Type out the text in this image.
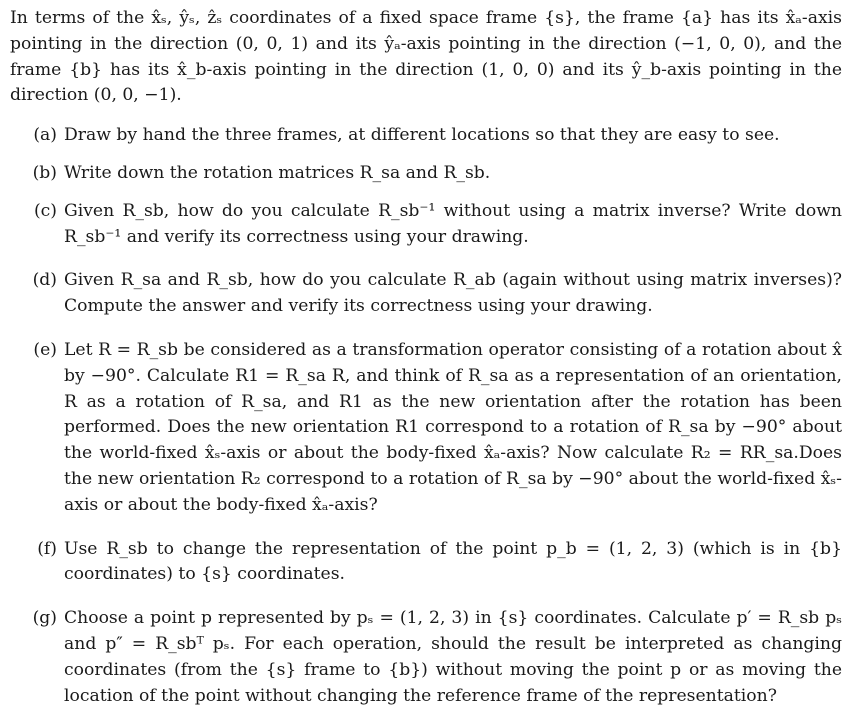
In terms of the x̂ₛ, ŷₛ, ẑₛ coordinates of a fixed space frame {s}, the frame {a} has its x̂ₐ-axis pointing in the direction (0, 0, 1) and its ŷₐ-axis pointing in the direction (−1, 0, 0), and the frame {b} has its x̂_b-axis pointing in the direction (1, 0, 0) and its ŷ_b-axis pointing in the direction (0, 0, −1).

(a) Draw by hand the three frames, at different locations so that they are easy to see.
(b) Write down the rotation matrices R_sa and R_sb.
(c) Given R_sb, how do you calculate R_sb⁻¹ without using a matrix inverse? Write down R_sb⁻¹ and verify its correctness using your drawing.
(d) Given R_sa and R_sb, how do you calculate R_ab (again without using matrix inverses)? Compute the answer and verify its correctness using your drawing.
(e) Let R = R_sb be considered as a transformation operator consisting of a rotation about x̂ by −90°. Calculate R1 = R_sa R, and think of R_sa as a representation of an orientation, R as a rotation of R_sa, and R1 as the new orientation after the rotation has been performed. Does the new orientation R1 correspond to a rotation of R_sa by −90° about the world-fixed x̂ₛ-axis or about the body-fixed x̂ₐ-axis? Now calculate R₂ = RR_sa.Does the new orientation R₂ correspond to a rotation of R_sa by −90° about the world-fixed x̂ₛ-axis or about the body-fixed x̂ₐ-axis?
(f) Use R_sb to change the representation of the point p_b = (1, 2, 3) (which is in {b} coordinates) to {s} coordinates.
(g) Choose a point p represented by pₛ = (1, 2, 3) in {s} coordinates. Calculate p′ = R_sb pₛ and p″ = R_sbᵀ pₛ. For each operation, should the result be interpreted as changing coordinates (from the {s} frame to {b}) without moving the point p or as moving the location of the point without changing the reference frame of the representation?
